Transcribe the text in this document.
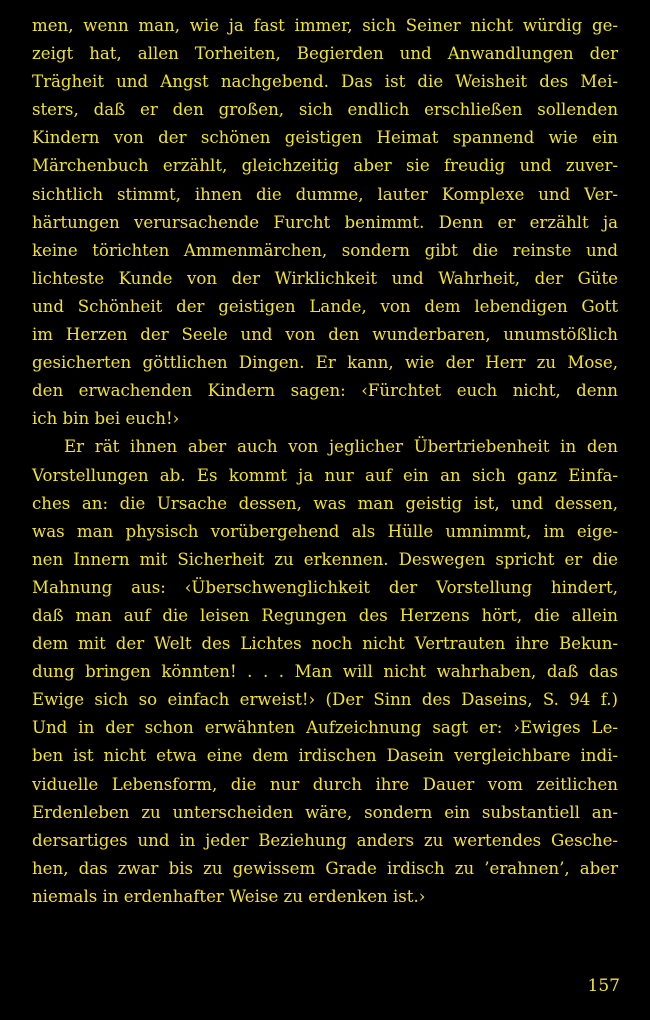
men, wenn man, wie ja fast immer, sich Seiner nicht würdig ge-
zeigt hat, allen Torheiten, Begierden und Anwandlungen der
Trägheit und Angst nachgebend. Das ist die Weisheit des Mei-
sters, daß er den großen, sich endlich erschließen sollenden
Kindern von der schönen geistigen Heimat spannend wie ein
Märchenbuch erzählt, gleichzeitig aber sie freudig und zuver-
sichtlich stimmt, ihnen die dumme, lauter Komplexe und Ver-
härtungen verursachende Furcht benimmt. Denn er erzählt ja
keine törichten Ammenmärchen, sondern gibt die reinste und
lichteste Kunde von der Wirklichkeit und Wahrheit, der Güte
und Schönheit der geistigen Lande, von dem lebendigen Gott
im Herzen der Seele und von den wunderbaren, unumstößlich
gesicherten göttlichen Dingen. Er kann, wie der Herr zu Mose,
den erwachenden Kindern sagen: ‹Fürchtet euch nicht, denn
ich bin bei euch!›
Er rät ihnen aber auch von jeglicher Übertriebenheit in den
Vorstellungen ab. Es kommt ja nur auf ein an sich ganz Einfa-
ches an: die Ursache dessen, was man geistig ist, und dessen,
was man physisch vorübergehend als Hülle umnimmt, im eige-
nen Innern mit Sicherheit zu erkennen. Deswegen spricht er die
Mahnung aus: ‹Überschwenglichkeit der Vorstellung hindert,
daß man auf die leisen Regungen des Herzens hört, die allein
dem mit der Welt des Lichtes noch nicht Vertrauten ihre Bekun-
dung bringen könnten! . . . Man will nicht wahrhaben, daß das
Ewige sich so einfach erweist!› (Der Sinn des Daseins, S. 94 f.)
Und in der schon erwähnten Aufzeichnung sagt er: ›Ewiges Le-
ben ist nicht etwa eine dem irdischen Dasein vergleichbare indi-
viduelle Lebensform, die nur durch ihre Dauer vom zeitlichen
Erdenleben zu unterscheiden wäre, sondern ein substantiell an-
dersartiges und in jeder Beziehung anders zu wertendes Gesche-
hen, das zwar bis zu gewissem Grade irdisch zu ’erahnen’, aber
niemals in erdenhafter Weise zu erdenken ist.›
157
